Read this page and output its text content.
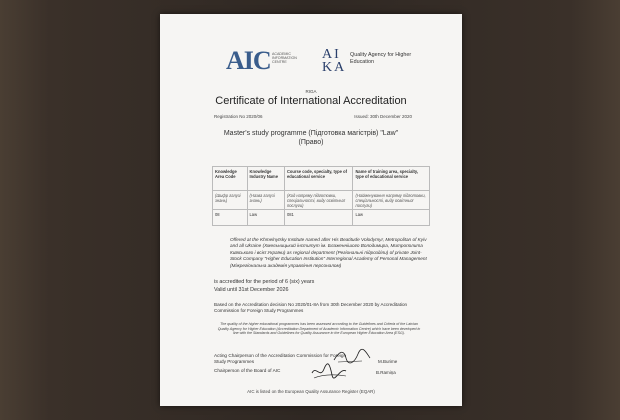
AIC ACADEMIC INFORMATION CENTRE
AI
KA
Quality Agency for Higher Education
RIGA
Certificate of International Accreditation
Registration No 2020/06	Issued: 30th December 2020
Master's study programme (Підготовка магістрів) "Law" (Право)
Knowledge Area Code	Knowledge Industry Name	Course code, specialty, type of educational service	Name of training area, specialty, type of educational service
(Шифр галузі знань)	(Назва галузі знань)	(Код напряму підготовки, спеціальності, виду освітньої послуги)	(Найменування напряму підготовки, спеціальності, виду освітньої послуги)
08	Law	081	Law
Offered at the Khmelnytsky Institute named after His Beatitude Volodymyr, Metropolitan of Kyiv and all Ukraine (Хмельницький інститут ім. Блаженнішого Володимира, Митрополита Київського і всієї України) as regional department (Регіональні підрозділи) of private Joint-Stock Company "Higher Education Institution" Interregional Academy of Personal Management (Міжрегіональна академія управління персоналом)
is accredited for the period of 6 (six) years
Valid until 31st December 2026
Based on the Accreditation decision No 2020/01-8A from 30th December 2020 by Accreditation Commission for Foreign Study Programmes
The quality of the higher educational programmes has been assessed according to the Guidelines and Criteria of the Latvian Quality Agency for Higher Education (Accreditation Department of Academic Information Centre) which have been developed in line with the Standards and Guidelines for Quality Assurance in the European Higher Education Area (ESG).
Acting Chairperson of the Accreditation Commission for Foreign Study Programmes	M.Burime
Chairperson of the Board of AIC	B.Ramiņa
AIC is listed on the European Quality Assurance Register (EQAR)
